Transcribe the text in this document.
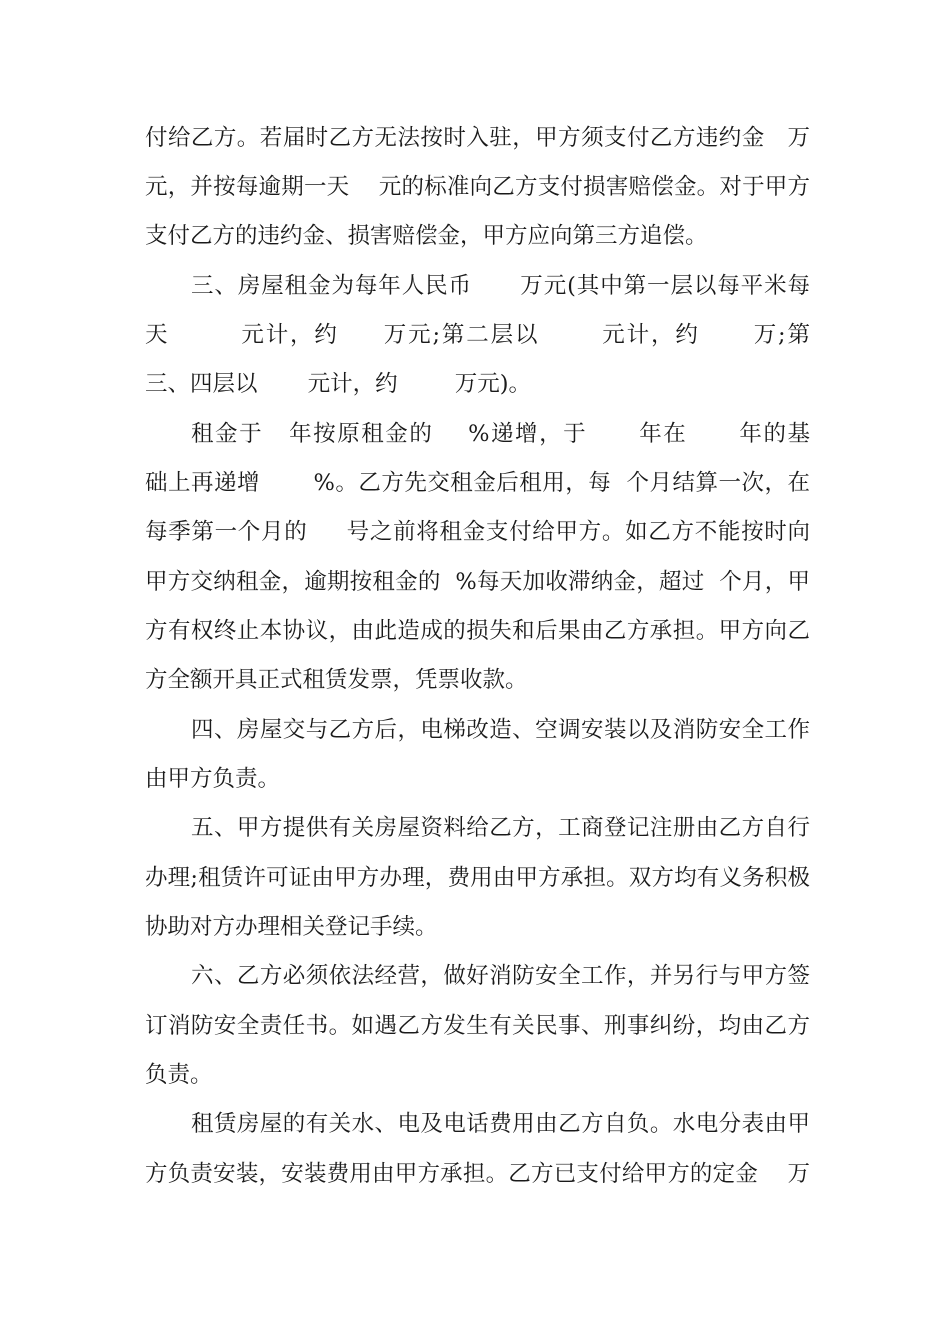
付给乙方。若届时乙方无法按时入驻，甲方须支付乙方违约金   万
元，并按每逾期一天    元的标准向乙方支付损害赔偿金。对于甲方
支付乙方的违约金、损害赔偿金，甲方应向第三方追偿。
三、房屋租金为每年人民币      万元(其中第一层以每平米每
天        元计，约     万元;第二层以       元计，约      万;第
三、四层以       元计，约        万元)。
租金于   年按原租金的    %递增，于      年在      年的基
础上再递增       %。乙方先交租金后租用，每  个月结算一次，在
每季第一个月的     号之前将租金支付给甲方。如乙方不能按时向
甲方交纳租金，逾期按租金的  %每天加收滞纳金，超过  个月，甲
方有权终止本协议，由此造成的损失和后果由乙方承担。甲方向乙
方全额开具正式租赁发票，凭票收款。
四、房屋交与乙方后，电梯改造、空调安装以及消防安全工作
由甲方负责。
五、甲方提供有关房屋资料给乙方，工商登记注册由乙方自行
办理;租赁许可证由甲方办理，费用由甲方承担。双方均有义务积极
协助对方办理相关登记手续。
六、乙方必须依法经营，做好消防安全工作，并另行与甲方签
订消防安全责任书。如遇乙方发生有关民事、刑事纠纷，均由乙方
负责。
租赁房屋的有关水、电及电话费用由乙方自负。水电分表由甲
方负责安装，安装费用由甲方承担。乙方已支付给甲方的定金    万
